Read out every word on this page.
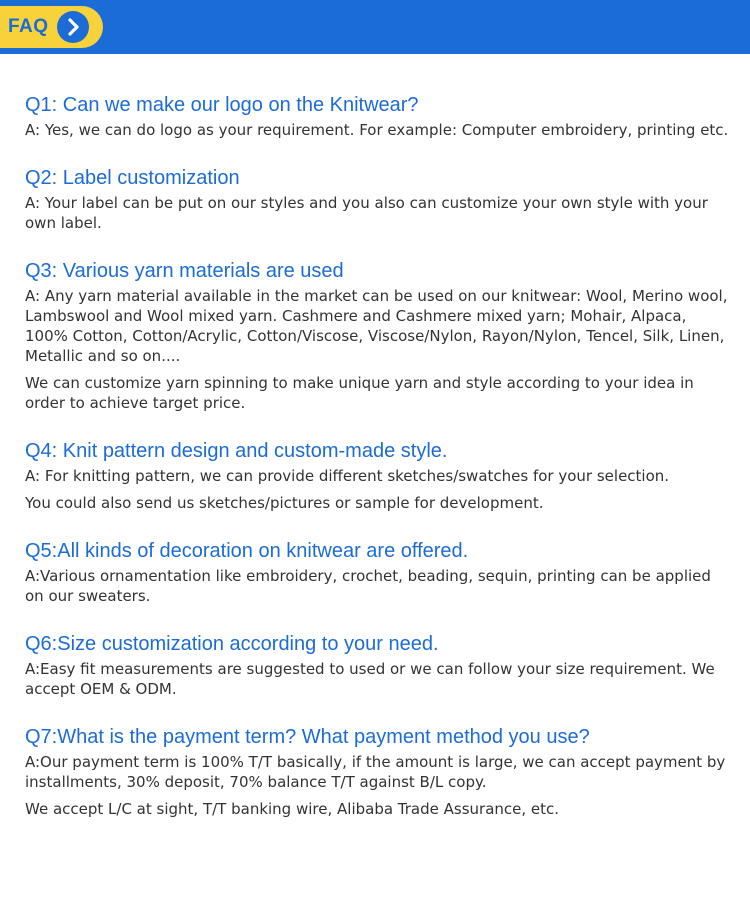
FAQ

Q1: Can we make our logo on the Knitwear?

A: Yes, we can do logo as your requirement. For example: Computer embroidery, printing etc.

Q2: Label customization

A: Your label can be put on our styles and you also can customize your own style with your own label.

Q3: Various yarn materials are used

A: Any yarn material available in the market can be used on our knitwear: Wool, Merino wool, Lambswool and Wool mixed yarn. Cashmere and Cashmere mixed yarn; Mohair, Alpaca, 100% Cotton, Cotton/Acrylic, Cotton/Viscose, Viscose/Nylon, Rayon/Nylon, Tencel, Silk, Linen, Metallic and so on....

We can customize yarn spinning to make unique yarn and style according to your idea in order to achieve target price.

Q4: Knit pattern design and custom-made style.

A: For knitting pattern, we can provide different sketches/swatches for your selection.

You could also send us sketches/pictures or sample for development.

Q5:All kinds of decoration on knitwear are offered.

A:Various ornamentation like embroidery, crochet, beading, sequin, printing can be applied on our sweaters.

Q6:Size customization according to your need.

A:Easy fit measurements are suggested to used or we can follow your size requirement. We accept OEM & ODM.

Q7:What is the payment term? What payment method you use?

A:Our payment term is 100% T/T basically, if the amount is large, we can accept payment by installments, 30% deposit, 70% balance T/T against B/L copy.

We accept L/C at sight, T/T banking wire, Alibaba Trade Assurance, etc.
